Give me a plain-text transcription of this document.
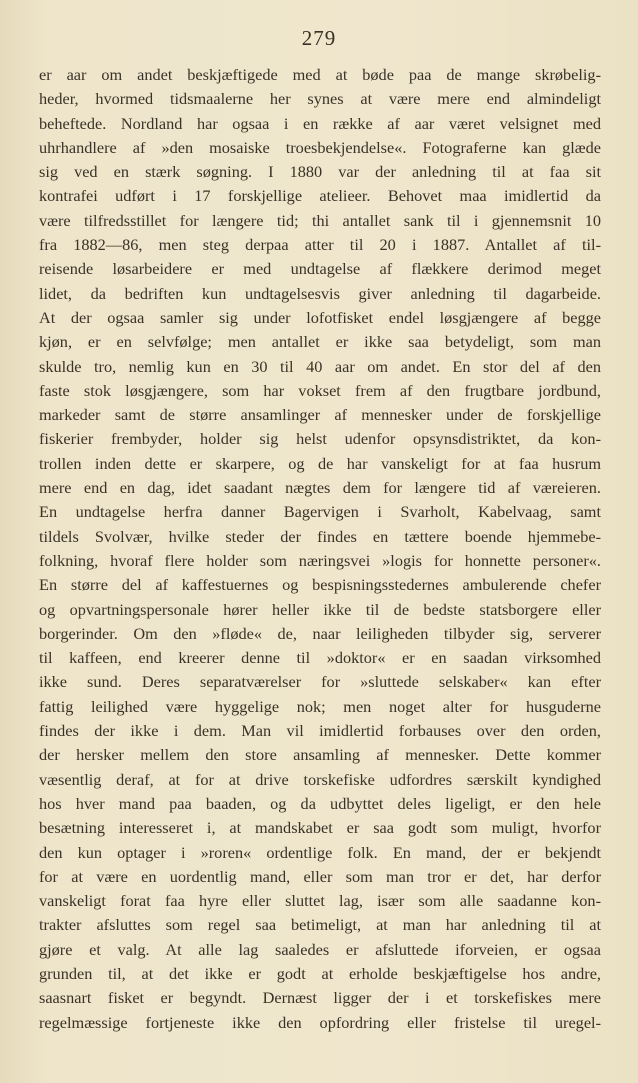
279
er aar om andet beskjæftigede med at bøde paa de mange skrøbelig-
heder, hvormed tidsmaalerne her synes at være mere end almindeligt
beheftede. Nordland har ogsaa i en række af aar været velsignet med
uhrhandlere af »den mosaiske troesbekjendelse«. Fotograferne kan glæde
sig ved en stærk søgning. I 1880 var der anledning til at faa sit
kontrafei udført i 17 forskjellige atelieer. Behovet maa imidlertid da
være tilfredsstillet for længere tid; thi antallet sank til i gjennemsnit 10
fra 1882—86, men steg derpaa atter til 20 i 1887. Antallet af til-
reisende løsarbeidere er med undtagelse af flækkere derimod meget
lidet, da bedriften kun undtagelsesvis giver anledning til dagarbeide.
At der ogsaa samler sig under lofotfisket endel løsgjængere af begge
kjøn, er en selvfølge; men antallet er ikke saa betydeligt, som man
skulde tro, nemlig kun en 30 til 40 aar om andet. En stor del af den
faste stok løsgjængere, som har vokset frem af den frugtbare jordbund,
markeder samt de større ansamlinger af mennesker under de forskjellige
fiskerier frembyder, holder sig helst udenfor opsynsdistriktet, da kon-
trollen inden dette er skarpere, og de har vanskeligt for at faa husrum
mere end en dag, idet saadant nægtes dem for længere tid af væreieren.
En undtagelse herfra danner Bagervigen i Svarholt, Kabelvaag, samt
tildels Svolvær, hvilke steder der findes en tættere boende hjemmebe-
folkning, hvoraf flere holder som næringsvei »logis for honnette personer«.
En større del af kaffestuernes og bespisningsstedernes ambulerende chefer
og opvartningspersonale hører heller ikke til de bedste statsborgere eller
borgerinder. Om den »fløde« de, naar leiligheden tilbyder sig, serverer
til kaffeen, end kreerer denne til »doktor« er en saadan virksomhed
ikke sund. Deres separatværelser for »sluttede selskaber« kan efter
fattig leilighed være hyggelige nok; men noget alter for husguderne
findes der ikke i dem. Man vil imidlertid forbauses over den orden,
der hersker mellem den store ansamling af mennesker. Dette kommer
væsentlig deraf, at for at drive torskefiske udfordres særskilt kyndighed
hos hver mand paa baaden, og da udbyttet deles ligeligt, er den hele
besætning interesseret i, at mandskabet er saa godt som muligt, hvorfor
den kun optager i »roren« ordentlige folk. En mand, der er bekjendt
for at være en uordentlig mand, eller som man tror er det, har derfor
vanskeligt forat faa hyre eller sluttet lag, især som alle saadanne kon-
trakter afsluttes som regel saa betimeligt, at man har anledning til at
gjøre et valg. At alle lag saaledes er afsluttede iforveien, er ogsaa
grunden til, at det ikke er godt at erholde beskjæftigelse hos andre,
saasnart fisket er begyndt. Dernæst ligger der i et torskefiskes mere
regelmæssige fortjeneste ikke den opfordring eller fristelse til uregel-
